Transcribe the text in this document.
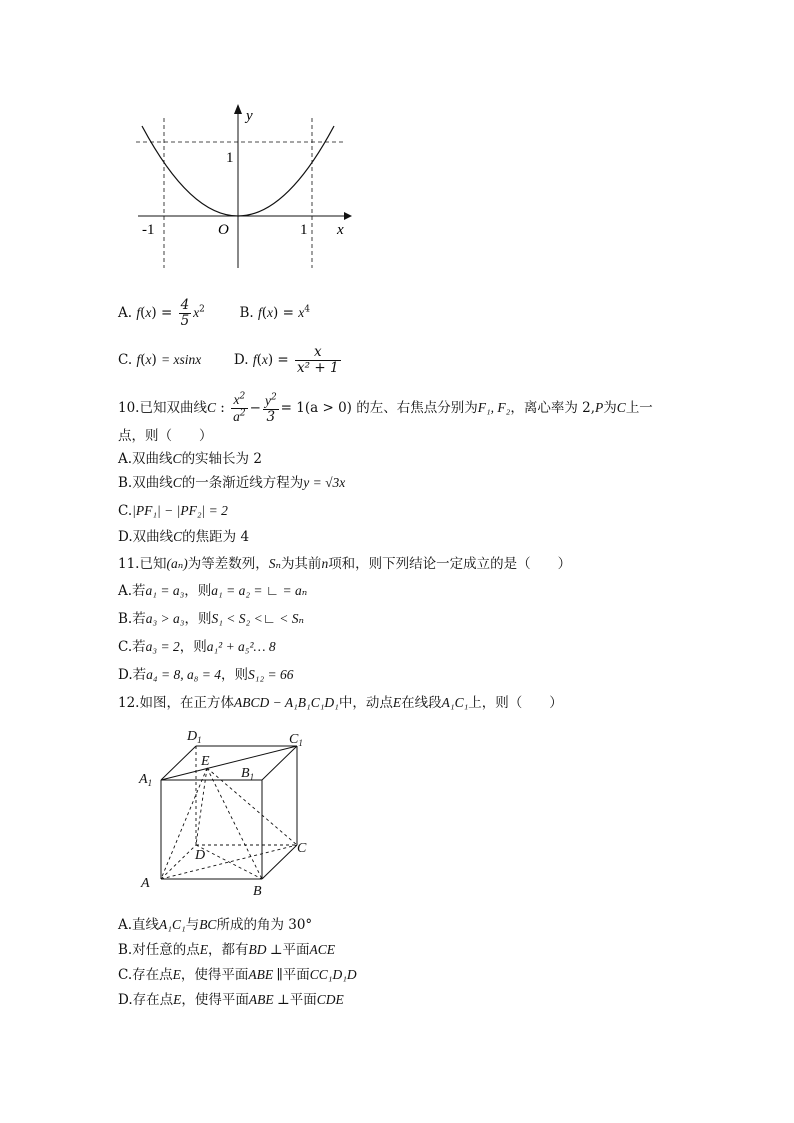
y
x
1
-1	O	1
A. $f(x) = \frac{4}{5} x^2$	B. $f(x) = x^4$
C. f(x) = xsinx D. $f(x) = \frac{x}{\text{x² + 1}}$
10.已知双曲线C : $\frac{x^2}{a^2} - \frac{y^2}{3} = 1(a > 0)$ 的左、右焦点分别为F₁, F₂，离心率为 2,P为C上一
点，则（　　）
A.双曲线C的实轴长为 2
B.双曲线C的一条渐近线方程为y = √3x
C.|PF₁| − |PF₂| = 2
D.双曲线C的焦距为 4
11.已知(aₙ)为等差数列，Sₙ为其前n项和，则下列结论一定成立的是（　　）
A.若a₁ = a₃，则a₁ = a₂ = ∟ = aₙ
B.若a₃ > a₃，则S₁ < S₂ <∟ < Sₙ
C.若a₃ = 2，则a₁² + a₅²… 8
D.若a₄ = 8, a₈ = 4，则S₁₂ = 66
12.如图，在正方体ABCD − A₁B₁C₁D₁中，动点E在线段A₁C₁上，则（　　）
$D_1$	$C_1$
E
$B_1$
$A_1$
D	C
A
B
A.直线A₁C₁与BC所成的角为 30°
B.对任意的点E，都有BD ⊥平面ACE
C.存在点E，使得平面ABE ∥平面CC₁D₁D
D.存在点E，使得平面ABE ⊥平面CDE
